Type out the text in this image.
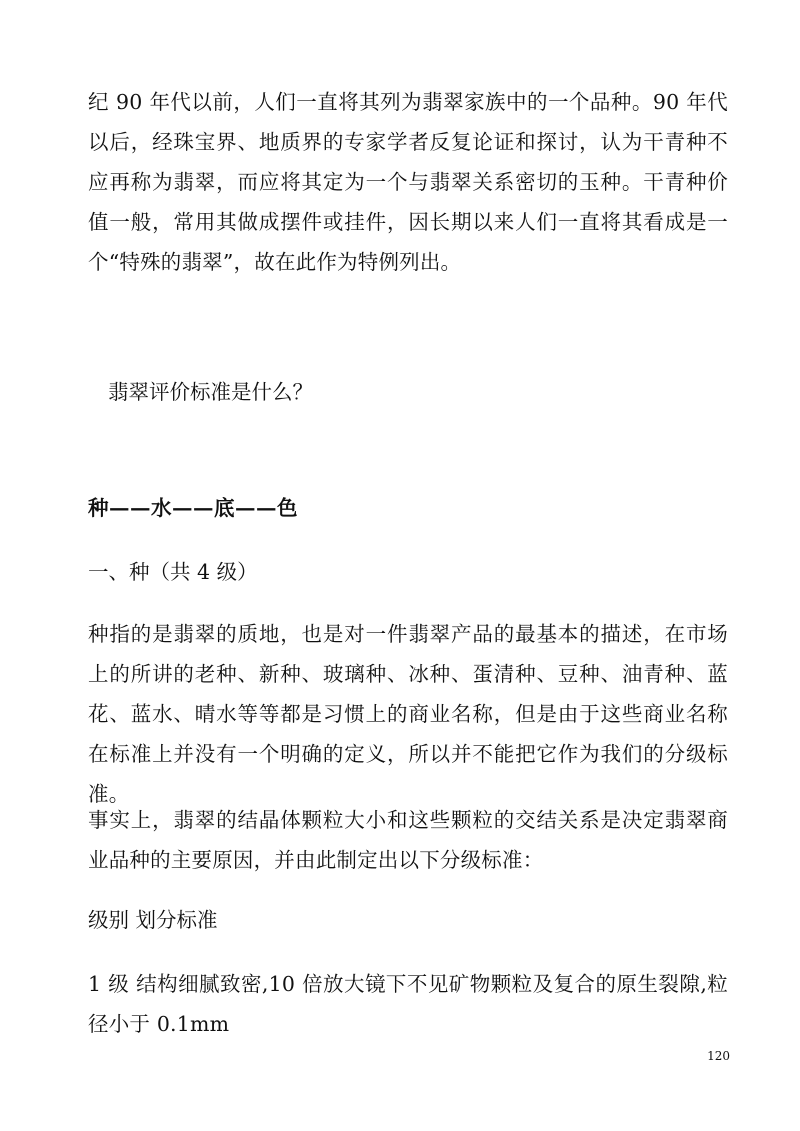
纪 90 年代以前，人们一直将其列为翡翠家族中的一个品种。90 年代以后，经珠宝界、地质界的专家学者反复论证和探讨，认为干青种不应再称为翡翠，而应将其定为一个与翡翠关系密切的玉种。干青种价值一般，常用其做成摆件或挂件，因长期以来人们一直将其看成是一个“特殊的翡翠”，故在此作为特例列出。

翡翠评价标准是什么？

种——水——底——色

一、种（共 4 级）

种指的是翡翠的质地，也是对一件翡翠产品的最基本的描述，在市场上的所讲的老种、新种、玻璃种、冰种、蛋清种、豆种、油青种、蓝花、蓝水、晴水等等都是习惯上的商业名称，但是由于这些商业名称在标准上并没有一个明确的定义，所以并不能把它作为我们的分级标准。

事实上，翡翠的结晶体颗粒大小和这些颗粒的交结关系是决定翡翠商业品种的主要原因，并由此制定出以下分级标准：

级别 划分标准

1 级 结构细腻致密,10 倍放大镜下不见矿物颗粒及复合的原生裂隙,粒径小于 0.1mm

120
